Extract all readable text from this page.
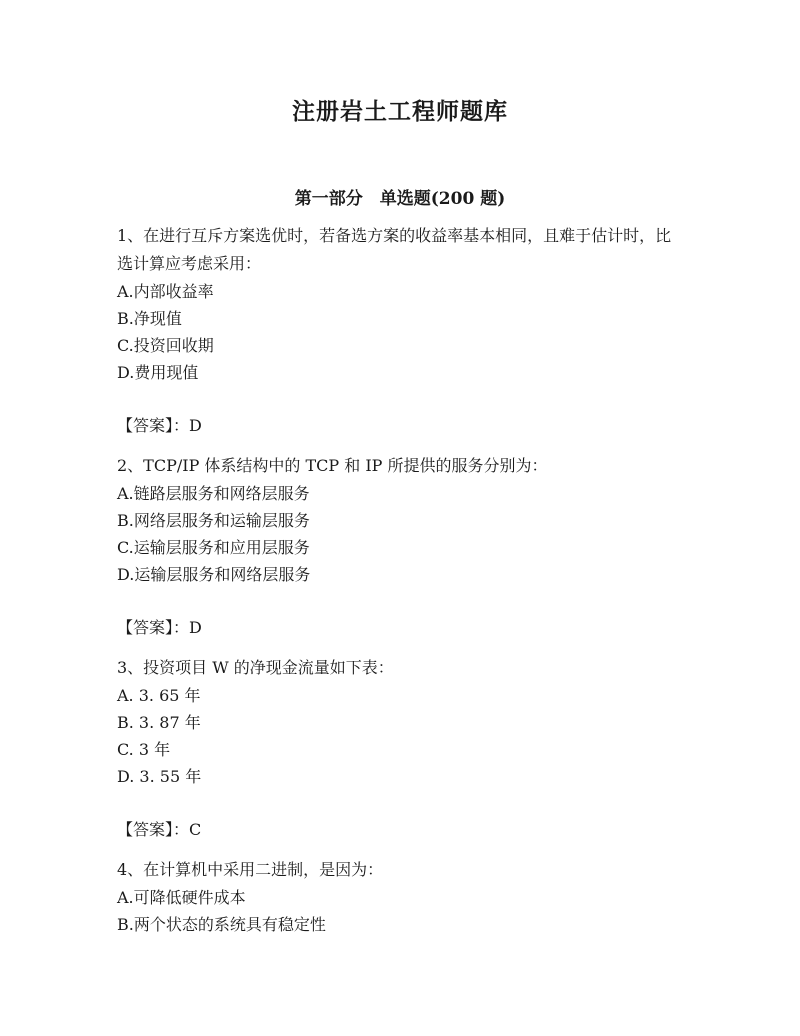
注册岩土工程师题库
第一部分　单选题(200 题)

1、在进行互斥方案选优时，若备选方案的收益率基本相同，且难于估计时，比选计算应考虑采用：

A.内部收益率

B.净现值

C.投资回收期

D.费用现值

【答案】：D

2、TCP/IP 体系结构中的 TCP 和 IP 所提供的服务分别为：

A.链路层服务和网络层服务

B.网络层服务和运输层服务

C.运输层服务和应用层服务

D.运输层服务和网络层服务

【答案】：D

3、投资项目 W 的净现金流量如下表：

A. 3. 65 年

B. 3. 87 年

C. 3 年

D. 3. 55 年

【答案】：C

4、在计算机中采用二进制，是因为：

A.可降低硬件成本

B.两个状态的系统具有稳定性
